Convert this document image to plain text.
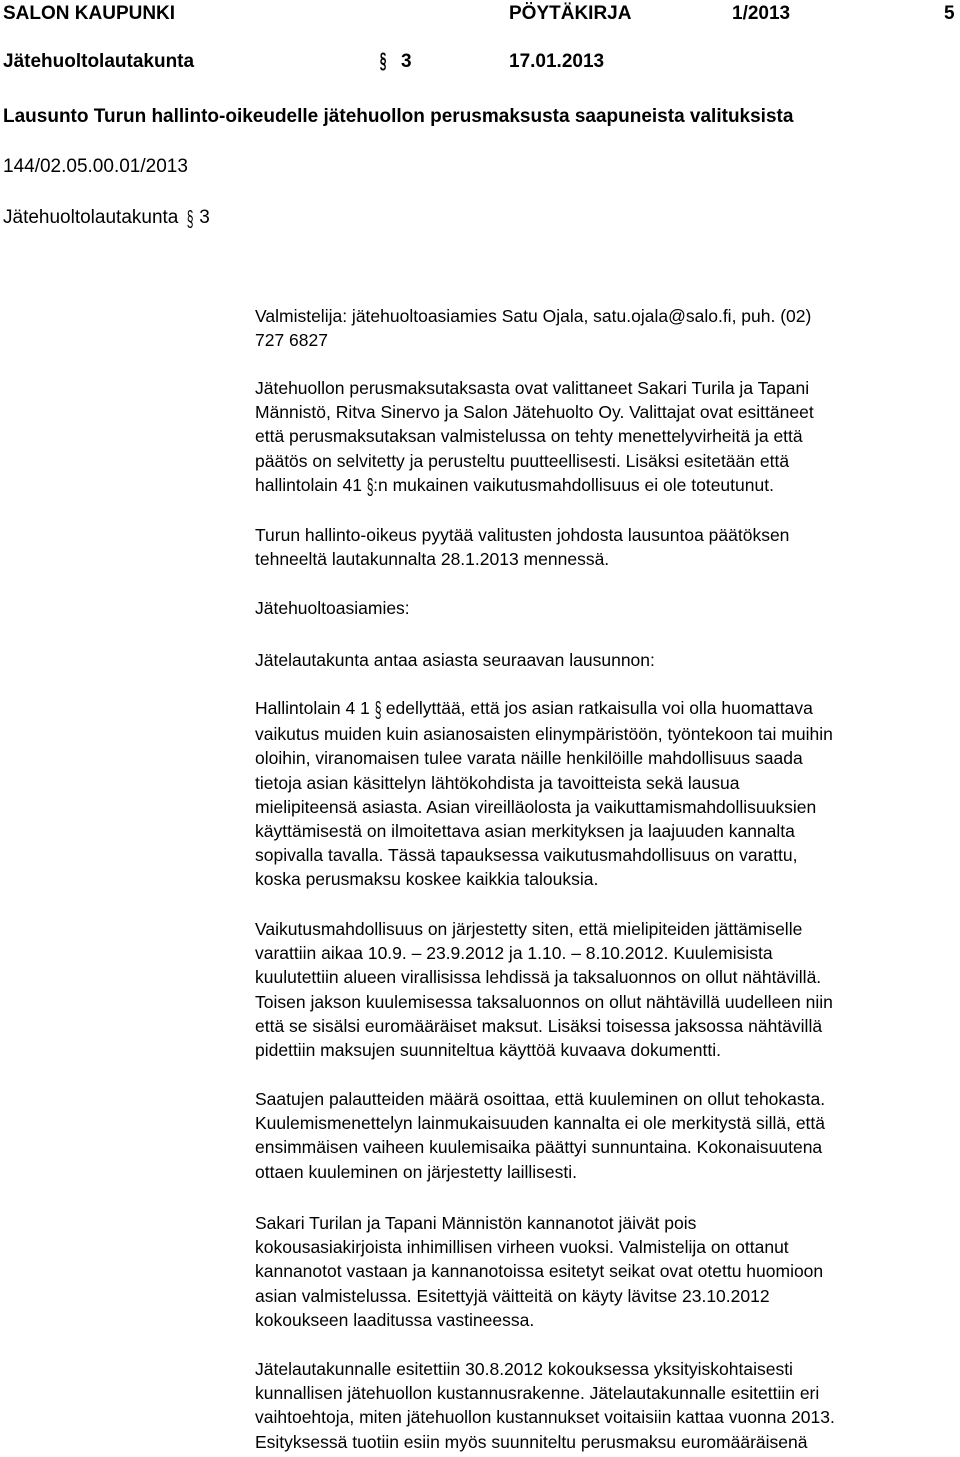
SALON KAUPUNKI	PÖYTÄKIRJA	1/2013	5
Jätehuoltolautakunta	§ 3	17.01.2013
Lausunto Turun hallinto-oikeudelle jätehuollon perusmaksusta saapuneista valituksista
144/02.05.00.01/2013
Jätehuoltolautakunta § 3

Valmistelija: jätehuoltoasiamies Satu Ojala, satu.ojala@salo.fi, puh. (02)

727 6827

Jätehuollon perusmaksutaksasta ovat valittaneet Sakari Turila ja Tapani

Männistö, Ritva Sinervo ja Salon Jätehuolto Oy. Valittajat ovat esittäneet

että perusmaksutaksan valmistelussa on tehty menettelyvirheitä ja että

päätös on selvitetty ja perusteltu puutteellisesti. Lisäksi esitetään että

hallintolain 41 §:n mukainen vaikutusmahdollisuus ei ole toteutunut.

Turun hallinto-oikeus pyytää valitusten johdosta lausuntoa päätöksen

tehneeltä lautakunnalta 28.1.2013 mennessä.

Jätehuoltoasiamies:

Jätelautakunta antaa asiasta seuraavan lausunnon:

Hallintolain 4 1 § edellyttää, että jos asian ratkaisulla voi olla huomattava

vaikutus muiden kuin asianosaisten elinympäristöön, työntekoon tai muihin

oloihin, viranomaisen tulee varata näille henkilöille mahdollisuus saada

tietoja asian käsittelyn lähtökohdista ja tavoitteista sekä lausua

mielipiteensä asiasta. Asian vireilläolosta ja vaikuttamismahdollisuuksien

käyttämisestä on ilmoitettava asian merkityksen ja laajuuden kannalta

sopivalla tavalla. Tässä tapauksessa vaikutusmahdollisuus on varattu,

koska perusmaksu koskee kaikkia talouksia.

Vaikutusmahdollisuus on järjestetty siten, että mielipiteiden jättämiselle

varattiin aikaa 10.9. – 23.9.2012 ja 1.10. – 8.10.2012. Kuulemisista

kuulutettiin alueen virallisissa lehdissä ja taksaluonnos on ollut nähtävillä.

Toisen jakson kuulemisessa taksaluonnos on ollut nähtävillä uudelleen niin

että se sisälsi euromääräiset maksut. Lisäksi toisessa jaksossa nähtävillä

pidettiin maksujen suunniteltua käyttöä kuvaava dokumentti.

Saatujen palautteiden määrä osoittaa, että kuuleminen on ollut tehokasta.

Kuulemismenettelyn lainmukaisuuden kannalta ei ole merkitystä sillä, että

ensimmäisen vaiheen kuulemisaika päättyi sunnuntaina. Kokonaisuutena

ottaen kuuleminen on järjestetty laillisesti.

Sakari Turilan ja Tapani Männistön kannanotot jäivät pois

kokousasiakirjoista inhimillisen virheen vuoksi. Valmistelija on ottanut

kannanotot vastaan ja kannanotoissa esitetyt seikat ovat otettu huomioon

asian valmistelussa. Esitettyjä väitteitä on käyty lävitse 23.10.2012

kokoukseen laaditussa vastineessa.

Jätelautakunnalle esitettiin 30.8.2012 kokouksessa yksityiskohtaisesti

kunnallisen jätehuollon kustannusrakenne. Jätelautakunnalle esitettiin eri

vaihtoehtoja, miten jätehuollon kustannukset voitaisiin kattaa vuonna 2013.

Esityksessä tuotiin esiin myös suunniteltu perusmaksu euromääräisenä
